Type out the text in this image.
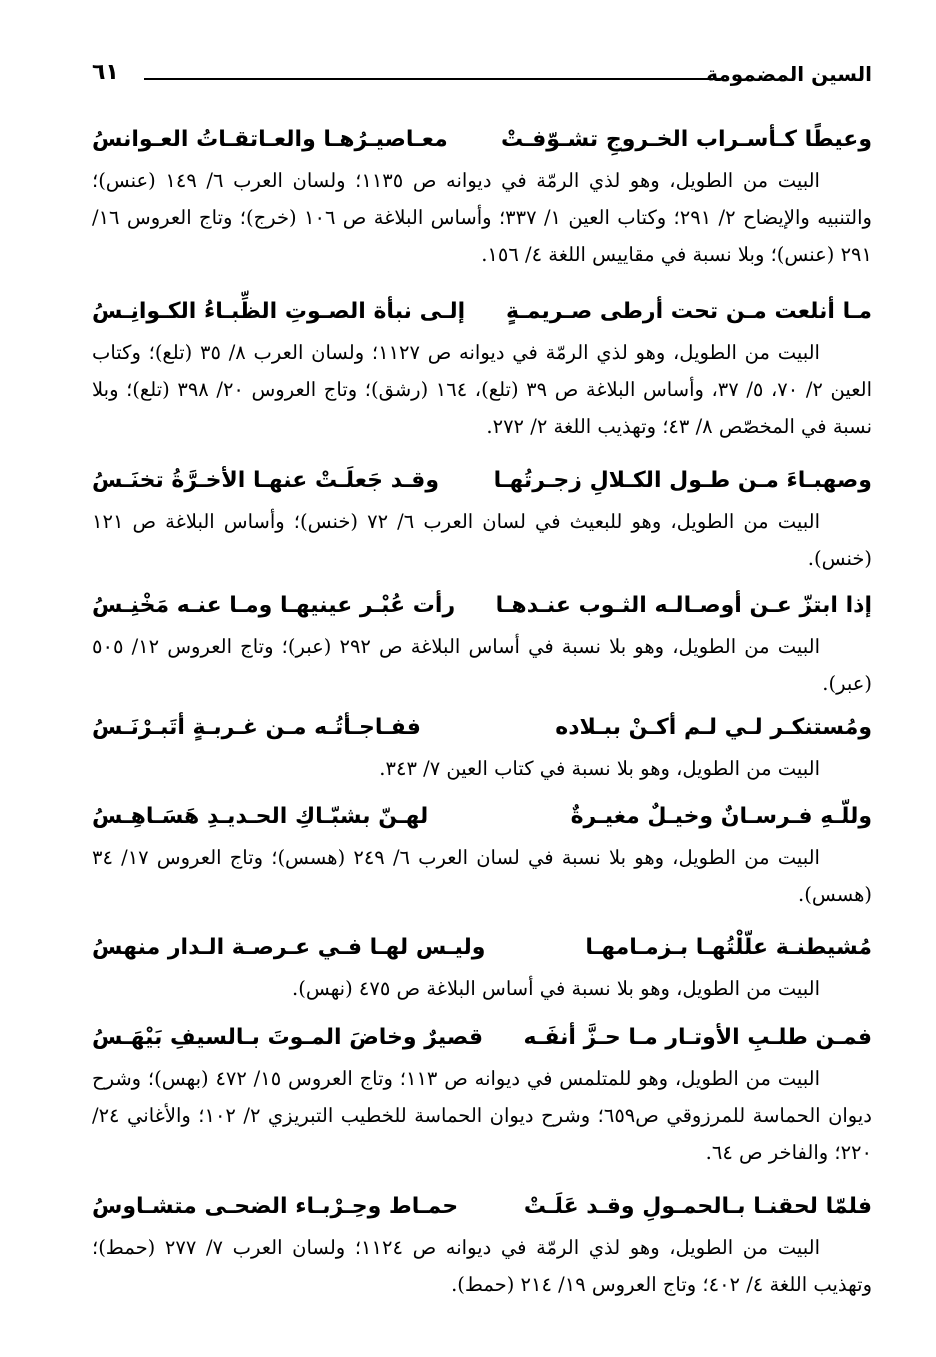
السين المضمومة
٦١
وعيطًا كـأسـراب الخـروجِ تشـوّفـتْ
معـاصيـرُهـا والعـاتقـاتُ العـوانسُ

البيت من الطويل، وهو لذي الرمّة في ديوانه ص ١١٣٥؛ ولسان العرب ٦/ ١٤٩ (عنس)؛ والتنبيه والإيضاح ٢/ ٢٩١؛ وكتاب العين ١/ ٣٣٧؛ وأساس البلاغة ص ١٠٦ (خرج)؛ وتاج العروس ١٦/ ٢٩١ (عنس)؛ وبلا نسبة في مقاييس اللغة ٤/ ١٥٦.

مـا أنلعت مـن تحت أرطى صـريمـةٍ
إلـى نبأة الصـوتِ الظِّبـاءُ الكـوانِـسُ

البيت من الطويل، وهو لذي الرمّة في ديوانه ص ١١٢٧؛ ولسان العرب ٨/ ٣٥ (تلع)؛ وكتاب العين ٢/ ٧٠، ٥/ ٣٧، وأساس البلاغة ص ٣٩ (تلع)، ١٦٤ (رشق)؛ وتاج العروس ٢٠/ ٣٩٨ (تلع)؛ وبلا نسبة في المخصّص ٨/ ٤٣؛ وتهذيب اللغة ٢/ ٢٧٢.

وصهبـاءَ مـن طـول الكـلالِ زجـرتُهـا
وقـد جَعلَـتْ عنهـا الأخـرَّةُ تخنَـسُ

البيت من الطويل، وهو للبعيث في لسان العرب ٦/ ٧٢ (خنس)؛ وأساس البلاغة ص ١٢١ (خنس).

إذا ابتزّ عـن أوصـالـه الثـوب عنـدهـا
رأت عُبْـر عينيهـا ومـا عنـه مَخْنِـسُ

البيت من الطويل، وهو بلا نسبة في أساس البلاغة ص ٢٩٢ (عبر)؛ وتاج العروس ١٢/ ٥٠٥ (عبر).

ومُستنكـر لـي لـم أكـنْ ببـلاده
ففـاجـأتُـه مـن غـربـةٍ أتَبـرْنَـسُ

البيت من الطويل، وهو بلا نسبة في كتاب العين ٧/ ٣٤٣.

وللّـهِ فـرسـانٌ وخيـلٌ مغيـرةٌ
لهـنّ بشبّـاكِ الحـديـدِ هَسَـاهِـسُ

البيت من الطويل، وهو بلا نسبة في لسان العرب ٦/ ٢٤٩ (هسس)؛ وتاج العروس ١٧/ ٣٤ (هسس).

مُشيطنـة علّلْتُهـا بـزمـامهـا
وليـس لهـا فـي عـرصـة الـدار منهسُ

البيت من الطويل، وهو بلا نسبة في أساس البلاغة ص ٤٧٥ (نهس).

فمـن طلـبِ الأوتـار مـا حـزَّ أنفَـه
قصيرٌ وخاضَ المـوتَ بـالسيفِ بَيْهَـسُ

البيت من الطويل، وهو للمتلمس في ديوانه ص ١١٣؛ وتاج العروس ١٥/ ٤٧٢ (بهس)؛ وشرح ديوان الحماسة للمرزوقي ص٦٥٩؛ وشرح ديوان الحماسة للخطيب التبريزي ٢/ ١٠٢؛ والأغاني ٢٤/ ٢٢٠؛ والفاخر ص ٦٤.

فلمّا لحقنـا بـالحمـولِ وقـد عَلَـتْ
حمـاط وحِـرْبـاء الضحـى متشـاوسُ

البيت من الطويل، وهو لذي الرمّة في ديوانه ص ١١٢٤؛ ولسان العرب ٧/ ٢٧٧ (حمط)؛ وتهذيب اللغة ٤/ ٤٠٢؛ وتاج العروس ١٩/ ٢١٤ (حمط).
